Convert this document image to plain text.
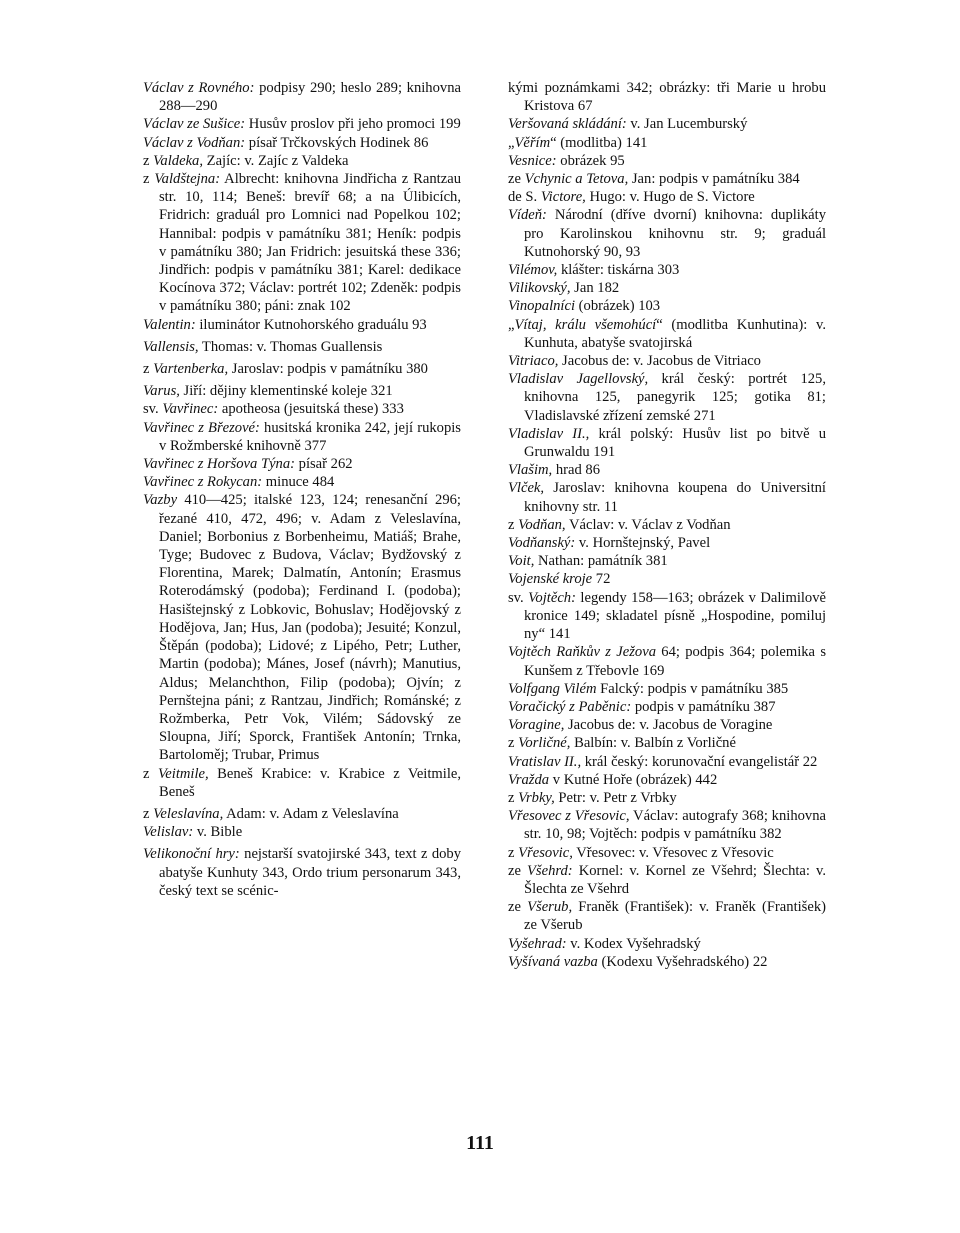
Václav z Rovného: podpisy 290; heslo 289; knihovna 288—290

Václav ze Sušice: Husův proslov při jeho promoci 199

Václav z Vodňan: písař Trčkovských Hodinek 86

z Valdeka, Zajíc: v. Zajíc z Valdeka

z Valdštejna: Albrecht: knihovna Jindřicha z Rantzau str. 10, 114; Beneš: brevíř 68; a na Úlibicích, Fridrich: graduál pro Lomnici nad Popelkou 102; Hannibal: podpis v památníku 381; Heník: podpis v památníku 380; Jan Fridrich: jesuitská these 336; Jindřich: podpis v památníku 381; Karel: dedikace Kocínova 372; Václav: portrét 102; Zdeněk: podpis v památníku 380; páni: znak 102

Valentin: iluminátor Kutnohorského graduálu 93

Vallensis, Thomas: v. Thomas Guallensis

z Vartenberka, Jaroslav: podpis v památníku 380

Varus, Jiří: dějiny klementinské koleje 321

sv. Vavřinec: apotheosa (jesuitská these) 333

Vavřinec z Březové: husitská kronika 242, její rukopis v Rožmberské knihovně 377

Vavřinec z Horšova Týna: písař 262

Vavřinec z Rokycan: minuce 484

Vazby 410—425; italské 123, 124; renesanční 296; řezané 410, 472, 496; v. Adam z Veleslavína, Daniel; Borbonius z Borbenheimu, Matiáš; Brahe, Tyge; Budovec z Budova, Václav; Bydžovský z Florentina, Marek; Dalmatín, Antonín; Erasmus Roterodámský (podoba); Ferdinand I. (podoba); Hasištejnský z Lobkovic, Bohuslav; Hodějovský z Hodějova, Jan; Hus, Jan (podoba); Jesuité; Konzul, Štěpán (podoba); Lidové; z Lipého, Petr; Luther, Martin (podoba); Mánes, Josef (návrh); Manutius, Aldus; Melanchthon, Filip (podoba); Ojvín; z Pernštejna páni; z Rantzau, Jindřich; Románské; z Rožmberka, Petr Vok, Vilém; Sádovský ze Sloupna, Jiří; Sporck, František Antonín; Trnka, Bartoloměj; Trubar, Primus

z Veitmile, Beneš Krabice: v. Krabice z Veitmile, Beneš

z Veleslavína, Adam: v. Adam z Veleslavína

Velislav: v. Bible

Velikonoční hry: nejstarší svatojirské 343, text z doby abatyše Kunhuty 343, Ordo trium personarum 343, český text se scénic-

kými poznámkami 342; obrázky: tři Marie u hrobu Kristova 67

Veršovaná skládání: v. Jan Lucemburský

„Věřím“ (modlitba) 141

Vesnice: obrázek 95

ze Vchynic a Tetova, Jan: podpis v památníku 384

de S. Victore, Hugo: v. Hugo de S. Victore

Vídeň: Národní (dříve dvorní) knihovna: duplikáty pro Karolinskou knihovnu str. 9; graduál Kutnohorský 90, 93

Vilémov, klášter: tiskárna 303

Vilikovský, Jan 182

Vinopalníci (obrázek) 103

„Vítaj, králu všemohúcí“ (modlitba Kunhutina): v. Kunhuta, abatyše svatojirská

Vitriaco, Jacobus de: v. Jacobus de Vitriaco

Vladislav Jagellovský, král český: portrét 125, knihovna 125, panegyrik 125; gotika 81; Vladislavské zřízení zemské 271

Vladislav II., král polský: Husův list po bitvě u Grunwaldu 191

Vlašim, hrad 86

Vlček, Jaroslav: knihovna koupena do Universitní knihovny str. 11

z Vodňan, Václav: v. Václav z Vodňan

Vodňanský: v. Hornštejnský, Pavel

Voit, Nathan: památník 381

Vojenské kroje 72

sv. Vojtěch: legendy 158—163; obrázek v Dalimilově kronice 149; skladatel písně „Hospodine, pomiluj ny“ 141

Vojtěch Raňkův z Ježova 64; podpis 364; polemika s Kunšem z Třebovle 169

Volfgang Vilém Falcký: podpis v památníku 385

Voračický z Paběnic: podpis v památníku 387

Voragine, Jacobus de: v. Jacobus de Voragine

z Vorličné, Balbín: v. Balbín z Vorličné

Vratislav II., král český: korunovační evangelistář 22

Vražda v Kutné Hoře (obrázek) 442

z Vrbky, Petr: v. Petr z Vrbky

Vřesovec z Vřesovic, Václav: autografy 368; knihovna str. 10, 98; Vojtěch: podpis v památníku 382

z Vřesovic, Vřesovec: v. Vřesovec z Vřesovic

ze Všehrd: Kornel: v. Kornel ze Všehrd; Šlechta: v. Šlechta ze Všehrd

ze Všerub, Franěk (František): v. Franěk (František) ze Všerub

Vyšehrad: v. Kodex Vyšehradský

Vyšívaná vazba (Kodexu Vyšehradského) 22

111
